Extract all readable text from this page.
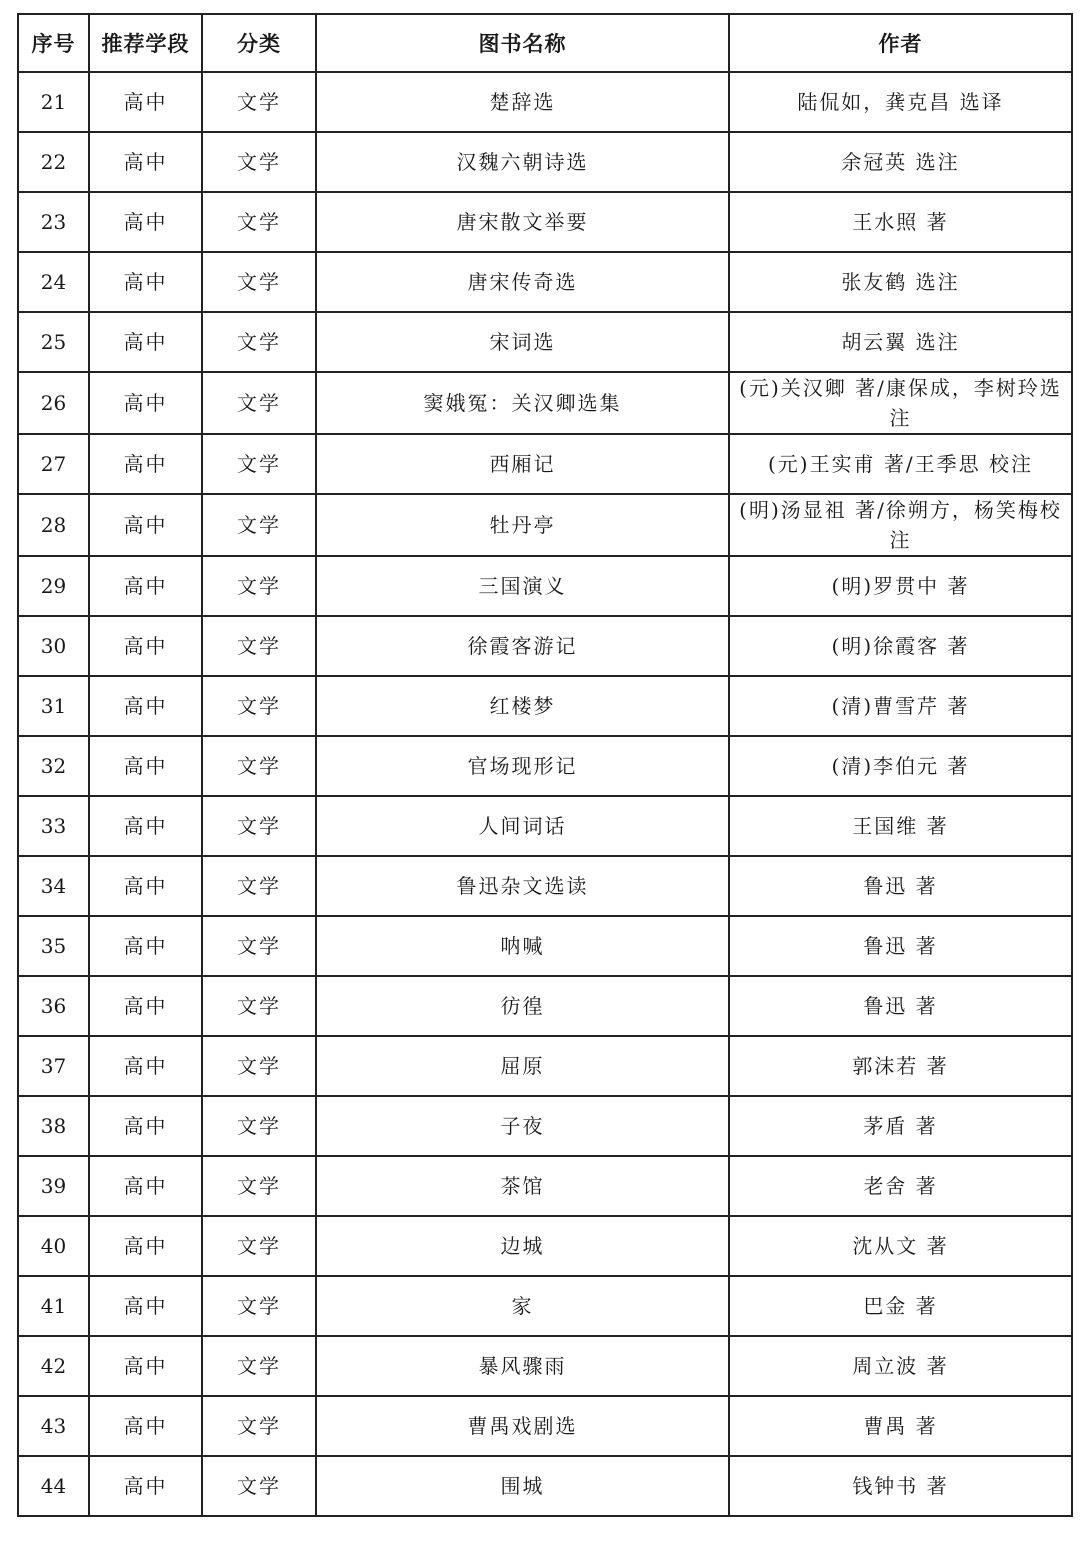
序号	推荐学段	分类	图书名称	作者
21	高中	文学	楚辞选	陆侃如，龚克昌 选译
22	高中	文学	汉魏六朝诗选	余冠英 选注
23	高中	文学	唐宋散文举要	王水照 著
24	高中	文学	唐宋传奇选	张友鹤 选注
25	高中	文学	宋词选	胡云翼 选注
26	高中	文学	窦娥冤：关汉卿选集	(元)关汉卿 著/康保成，李树玲选注
27	高中	文学	西厢记	(元)王实甫 著/王季思 校注
28	高中	文学	牡丹亭	(明)汤显祖 著/徐朔方，杨笑梅校注
29	高中	文学	三国演义	(明)罗贯中 著
30	高中	文学	徐霞客游记	(明)徐霞客 著
31	高中	文学	红楼梦	(清)曹雪芹 著
32	高中	文学	官场现形记	(清)李伯元 著
33	高中	文学	人间词话	王国维 著
34	高中	文学	鲁迅杂文选读	鲁迅 著
35	高中	文学	呐喊	鲁迅 著
36	高中	文学	彷徨	鲁迅 著
37	高中	文学	屈原	郭沫若 著
38	高中	文学	子夜	茅盾 著
39	高中	文学	茶馆	老舍 著
40	高中	文学	边城	沈从文 著
41	高中	文学	家	巴金 著
42	高中	文学	暴风骤雨	周立波 著
43	高中	文学	曹禺戏剧选	曹禺 著
44	高中	文学	围城	钱钟书 著
